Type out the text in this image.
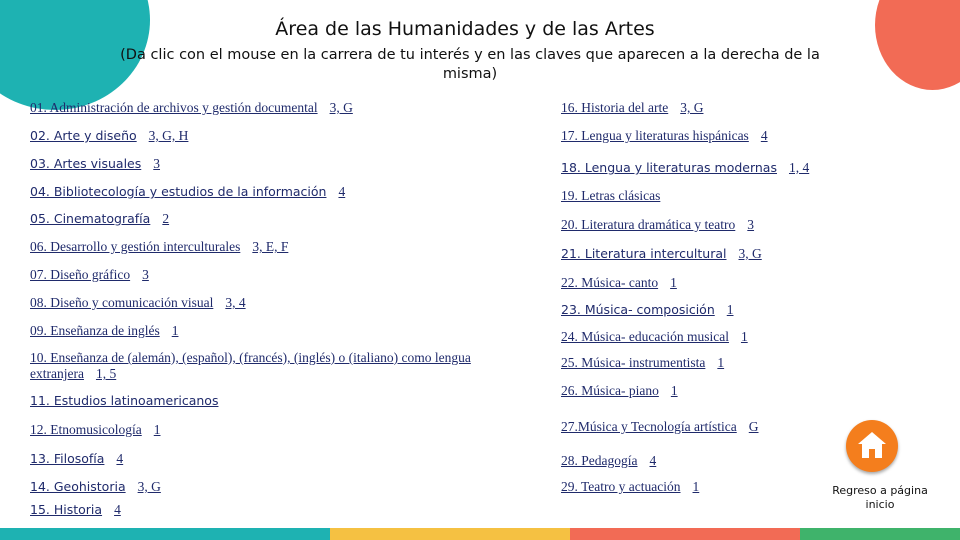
Área de las Humanidades y de las Artes
(Da clic con el mouse en la carrera de tu interés y en las claves que aparecen a la derecha de la misma)
01. Administración de archivos y gestión documental 3, G
02. Arte y diseño 3, G, H
03. Artes visuales 3
04. Bibliotecología y estudios de la información 4
05. Cinematografía 2
06. Desarrollo y gestión interculturales 3, E, F
07. Diseño gráfico 3
08. Diseño y comunicación visual 3, 4
09. Enseñanza de inglés 1
10. Enseñanza de (alemán), (español), (francés), (inglés) o (italiano) como lengua extranjera 1, 5
11. Estudios latinoamericanos
12. Etnomusicología 1
13. Filosofía 4
14. Geohistoria 3, G
15. Historia 4
16. Historia del arte 3, G
17. Lengua y literaturas hispánicas 4
18. Lengua y literaturas modernas 1, 4
19. Letras clásicas
20. Literatura dramática y teatro 3
21. Literatura intercultural 3, G
22. Música- canto 1
23. Música- composición 1
24. Música- educación musical 1
25. Música- instrumentista 1
26. Música- piano 1
27.Música y Tecnología artística G
28. Pedagogía 4
29. Teatro y actuación 1	Regreso a página inicio
